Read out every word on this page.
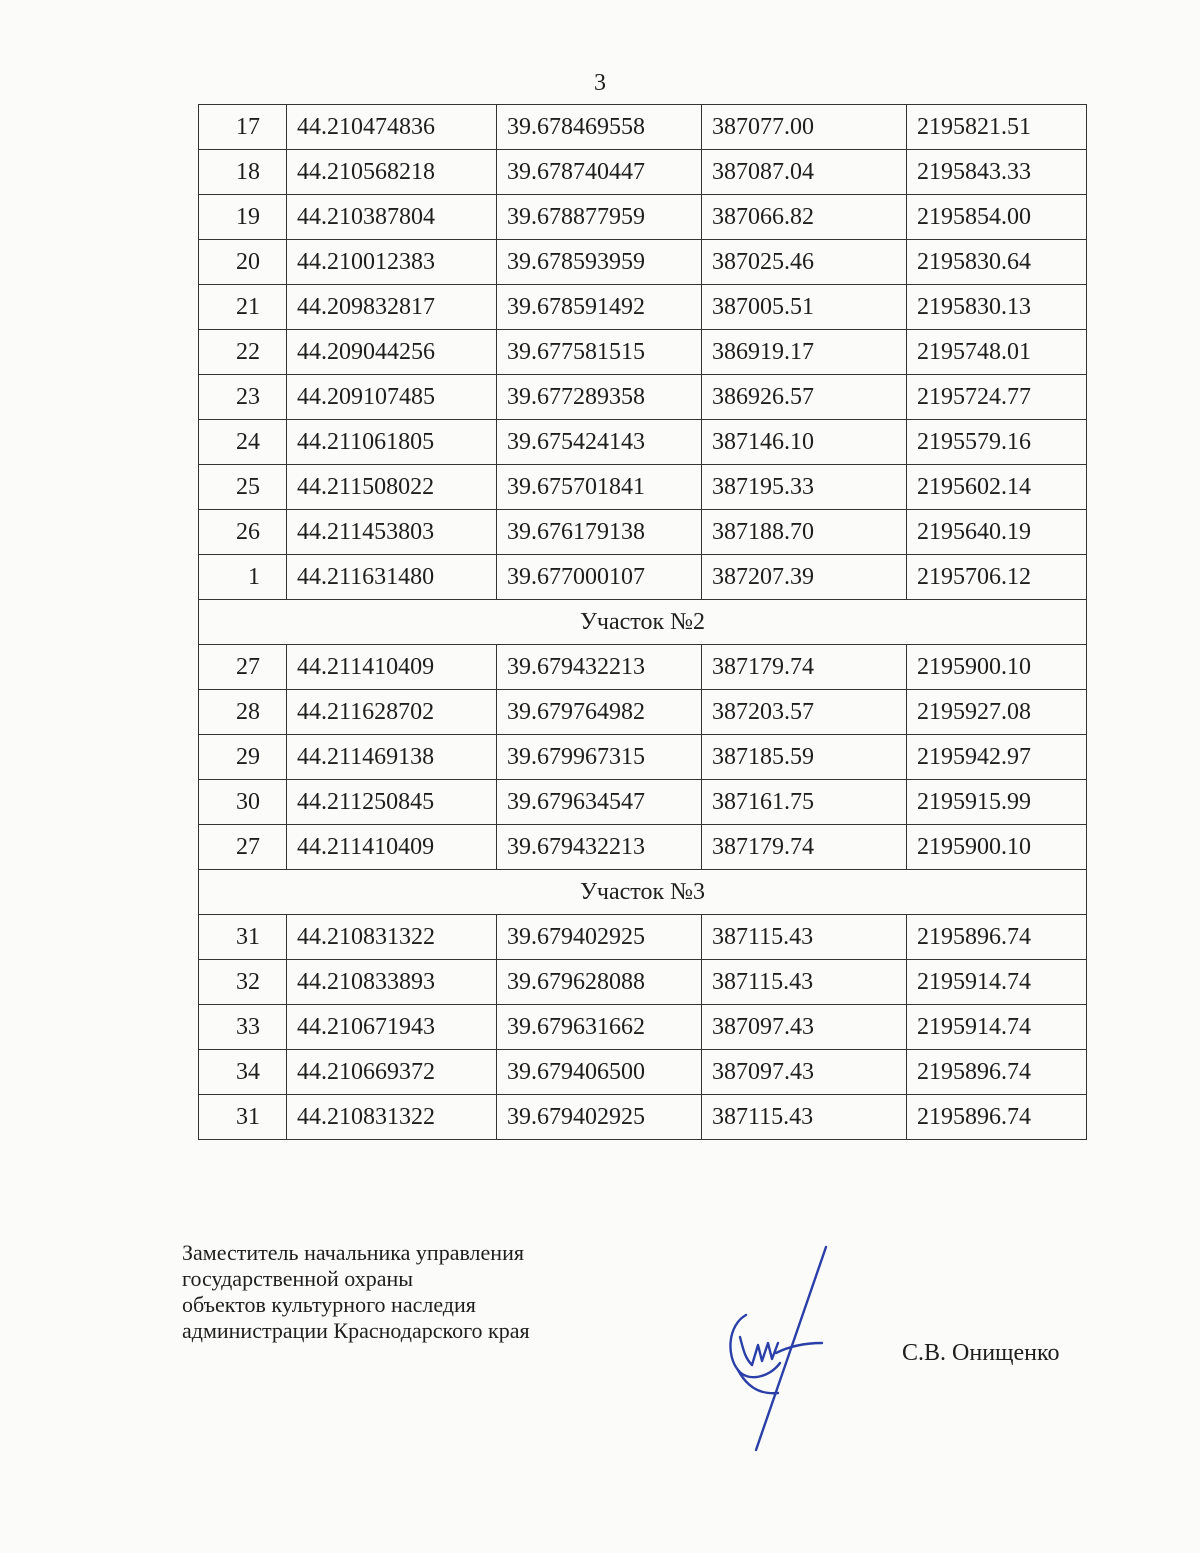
3
17	44.210474836	39.678469558	387077.00	2195821.51
18	44.210568218	39.678740447	387087.04	2195843.33
19	44.210387804	39.678877959	387066.82	2195854.00
20	44.210012383	39.678593959	387025.46	2195830.64
21	44.209832817	39.678591492	387005.51	2195830.13
22	44.209044256	39.677581515	386919.17	2195748.01
23	44.209107485	39.677289358	386926.57	2195724.77
24	44.211061805	39.675424143	387146.10	2195579.16
25	44.211508022	39.675701841	387195.33	2195602.14
26	44.211453803	39.676179138	387188.70	2195640.19
1	44.211631480	39.677000107	387207.39	2195706.12
Участок №2				
27	44.211410409	39.679432213	387179.74	2195900.10
28	44.211628702	39.679764982	387203.57	2195927.08
29	44.211469138	39.679967315	387185.59	2195942.97
30	44.211250845	39.679634547	387161.75	2195915.99
27	44.211410409	39.679432213	387179.74	2195900.10
Участок №3				
31	44.210831322	39.679402925	387115.43	2195896.74
32	44.210833893	39.679628088	387115.43	2195914.74
33	44.210671943	39.679631662	387097.43	2195914.74
34	44.210669372	39.679406500	387097.43	2195896.74
31	44.210831322	39.679402925	387115.43	2195896.74
Заместитель начальника управления
государственной охраны
объектов культурного наследия
администрации Краснодарского края
С.В. Онищенко
